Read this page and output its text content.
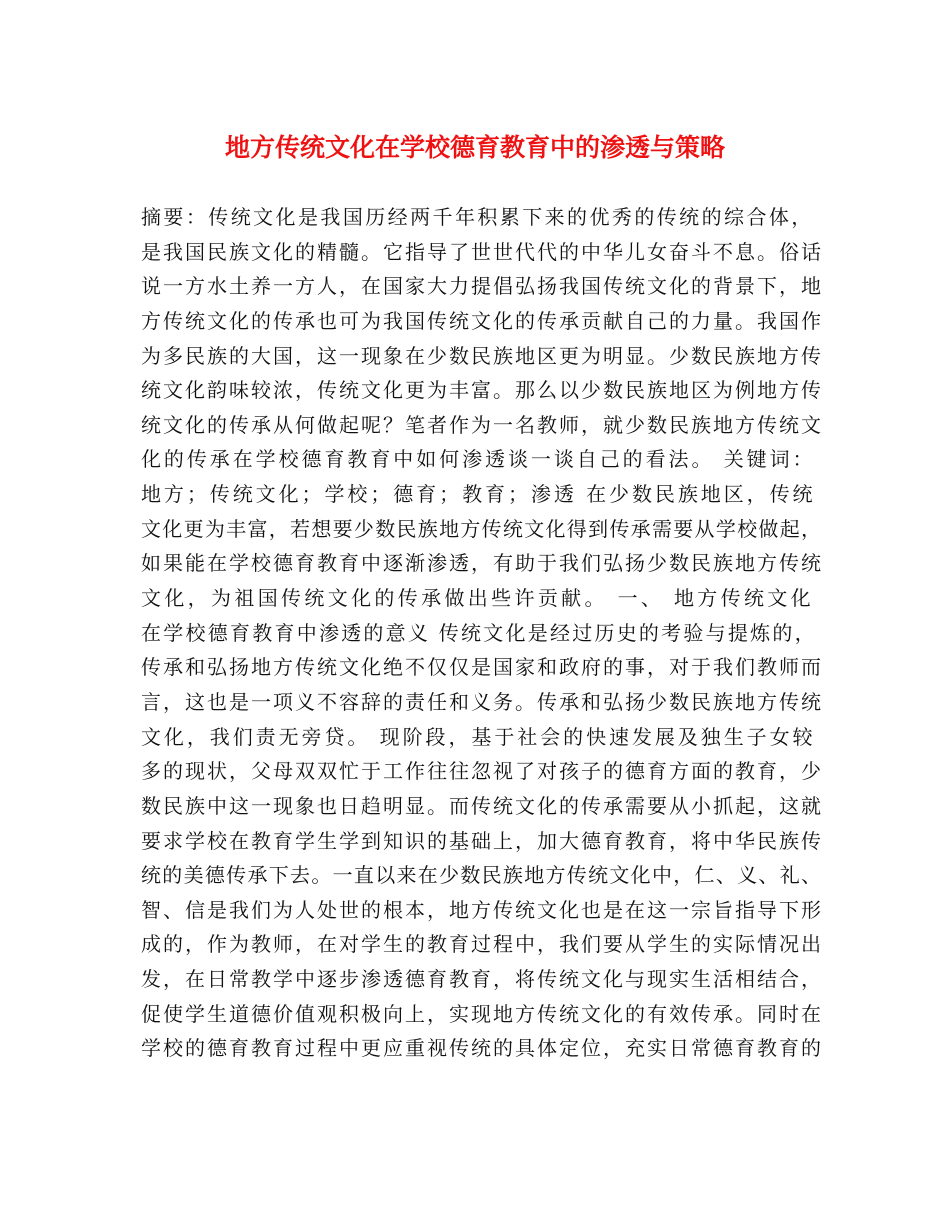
地方传统文化在学校德育教育中的渗透与策略
摘要：传统文化是我国历经两千年积累下来的优秀的传统的综合体，
是我国民族文化的精髓。它指导了世世代代的中华儿女奋斗不息。俗话
说一方水土养一方人，在国家大力提倡弘扬我国传统文化的背景下，地
方传统文化的传承也可为我国传统文化的传承贡献自己的力量。我国作
为多民族的大国，这一现象在少数民族地区更为明显。少数民族地方传
统文化韵味较浓，传统文化更为丰富。那么以少数民族地区为例地方传
统文化的传承从何做起呢？笔者作为一名教师，就少数民族地方传统文
化的传承在学校德育教育中如何渗透谈一谈自己的看法。 关键词：
地方；传统文化；学校；德育；教育；渗透 在少数民族地区，传统
文化更为丰富，若想要少数民族地方传统文化得到传承需要从学校做起，
如果能在学校德育教育中逐渐渗透，有助于我们弘扬少数民族地方传统
文化，为祖国传统文化的传承做出些许贡献。 一、 地方传统文化
在学校德育教育中渗透的意义 传统文化是经过历史的考验与提炼的，
传承和弘扬地方传统文化绝不仅仅是国家和政府的事，对于我们教师而
言，这也是一项义不容辞的责任和义务。传承和弘扬少数民族地方传统
文化，我们责无旁贷。 现阶段，基于社会的快速发展及独生子女较
多的现状，父母双双忙于工作往往忽视了对孩子的德育方面的教育，少
数民族中这一现象也日趋明显。而传统文化的传承需要从小抓起，这就
要求学校在教育学生学到知识的基础上，加大德育教育，将中华民族传
统的美德传承下去。一直以来在少数民族地方传统文化中，仁、义、礼、
智、信是我们为人处世的根本，地方传统文化也是在这一宗旨指导下形
成的，作为教师，在对学生的教育过程中，我们要从学生的实际情况出
发，在日常教学中逐步渗透德育教育，将传统文化与现实生活相结合，
促使学生道德价值观积极向上，实现地方传统文化的有效传承。同时在
学校的德育教育过程中更应重视传统的具体定位，充实日常德育教育的
